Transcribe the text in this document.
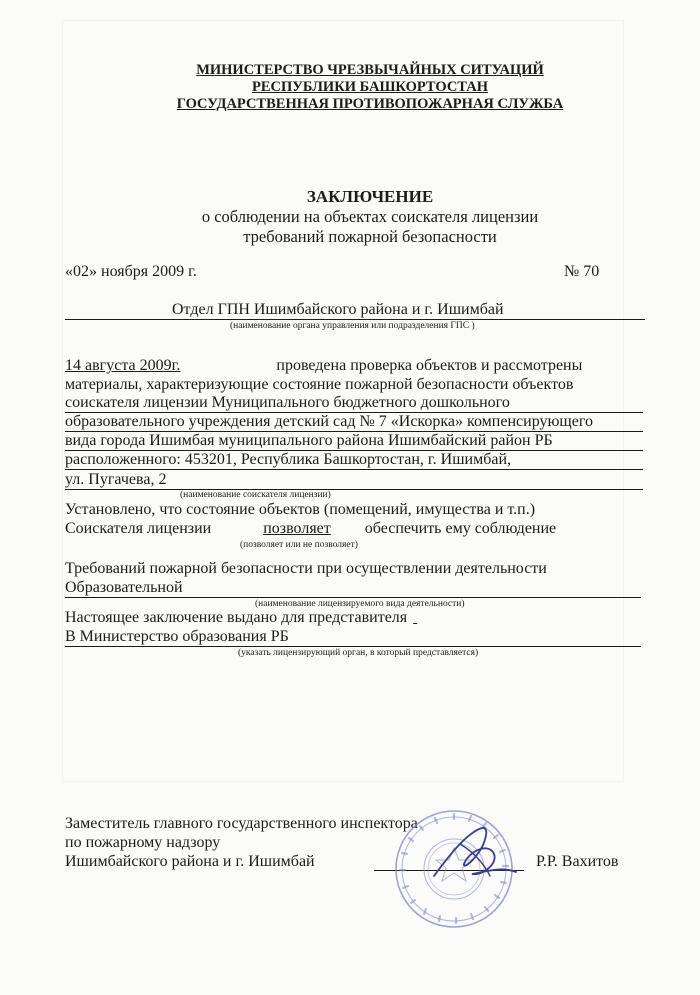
МИНИСТЕРСТВО ЧРЕЗВЫЧАЙНЫХ СИТУАЦИЙ
РЕСПУБЛИКИ БАШКОРТОСТАН
ГОСУДАРСТВЕННАЯ ПРОТИВОПОЖАРНАЯ СЛУЖБА
ЗАКЛЮЧЕНИЕ
о соблюдении на объектах соискателя лицензии
требований пожарной безопасности
«02» ноября 2009 г.	№ 70
Отдел ГПН Ишимбайского района и г. Ишимбай
(наименование органа управления или подразделения ГПС )
14 августа 2009г.	проведена проверка объектов и рассмотрены
материалы, характеризующие состояние пожарной безопасности объектов
соискателя лицензии Муниципального бюджетного дошкольного
образовательного учреждения детский сад № 7 «Искорка» компенсирующего
вида города Ишимбая муниципального района Ишимбайский район РБ
расположенного: 453201, Республика Башкортостан, г. Ишимбай,
ул. Пугачева, 2
(наименование соискателя лицензии)
Установлено, что состояние объектов (помещений, имущества и т.п.)
Соискателя лицензии	позволяет обеспечить ему соблюдение
(позволяет или не позволяет)
Требований пожарной безопасности при осуществлении деятельности
Образовательной
(наименование лицензируемого вида деятельности)
Настоящее заключение выдано для представителя
В Министерство образования РБ
(указать лицензирующий орган, в который представляется)
Заместитель главного государственного инспектора
по пожарному надзору
Ишимбайского района и г. Ишимбай	Р.Р. Вахитов
